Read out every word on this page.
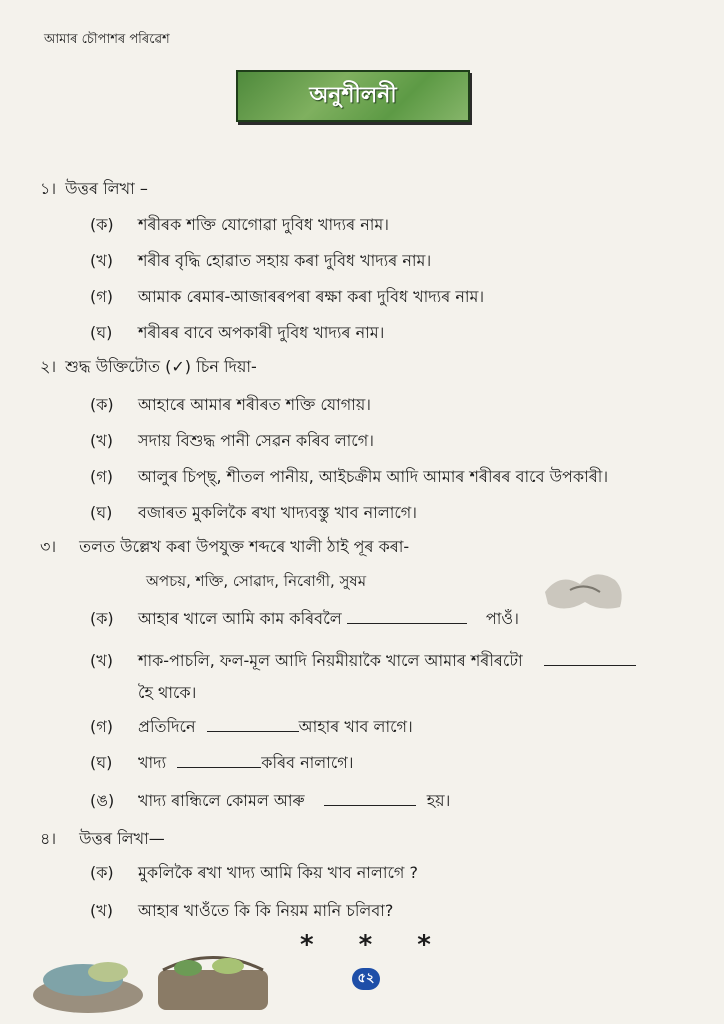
আমাৰ চৌপাশৰ পৰিৱেশ
অনুশীলনী
১। উত্তৰ লিখা –
(ক) শৰীৰক শক্তি যোগোৱা দুবিধ খাদ্যৰ নাম।
(খ) শৰীৰ বৃদ্ধি হোৱাত সহায় কৰা দুবিধ খাদ্যৰ নাম।
(গ) আমাক ৰেমাৰ-আজাৰৰপৰা ৰক্ষা কৰা দুবিধ খাদ্যৰ নাম।
(ঘ) শৰীৰৰ বাবে অপকাৰী দুবিধ খাদ্যৰ নাম।
২। শুদ্ধ উক্তিটোত (✓) চিন দিয়া-
(ক) আহাৰে আমাৰ শৰীৰত শক্তি যোগায়।
(খ) সদায় বিশুদ্ধ পানী সেৱন কৰিব লাগে।
(গ) আলুৰ চিপ্‌ছ্‌, শীতল পানীয়, আইচক্ৰীম আদি আমাৰ শৰীৰৰ বাবে উপকাৰী।
(ঘ) বজাৰত মুকলিকৈ ৰখা খাদ্যবস্তু খাব নালাগে।
৩। তলত উল্লেখ কৰা উপযুক্ত শব্দৰে খালী ঠাই পূৰ কৰা-
অপচয়, শক্তি, সোৱাদ, নিৰোগী, সুষম
(ক) আহাৰ খালে আমি কাম কৰিবলৈ	পাওঁ।
(খ) শাক-পাচলি, ফল-মূল আদি নিয়মীয়াকৈ খালে আমাৰ শৰীৰটো
হৈ থাকে।
(গ) প্ৰতিদিনে	আহাৰ খাব লাগে।
(ঘ) খাদ্য	কৰিব নালাগে।
(ঙ) খাদ্য ৰান্ধিলে কোমল আৰু	হয়।
৪। উত্তৰ লিখা—
(ক) মুকলিকৈ ৰখা খাদ্য আমি কিয় খাব নালাগে ?
(খ) আহাৰ খাওঁতে কি কি নিয়ম মানি চলিবা?
* * *
৫২
